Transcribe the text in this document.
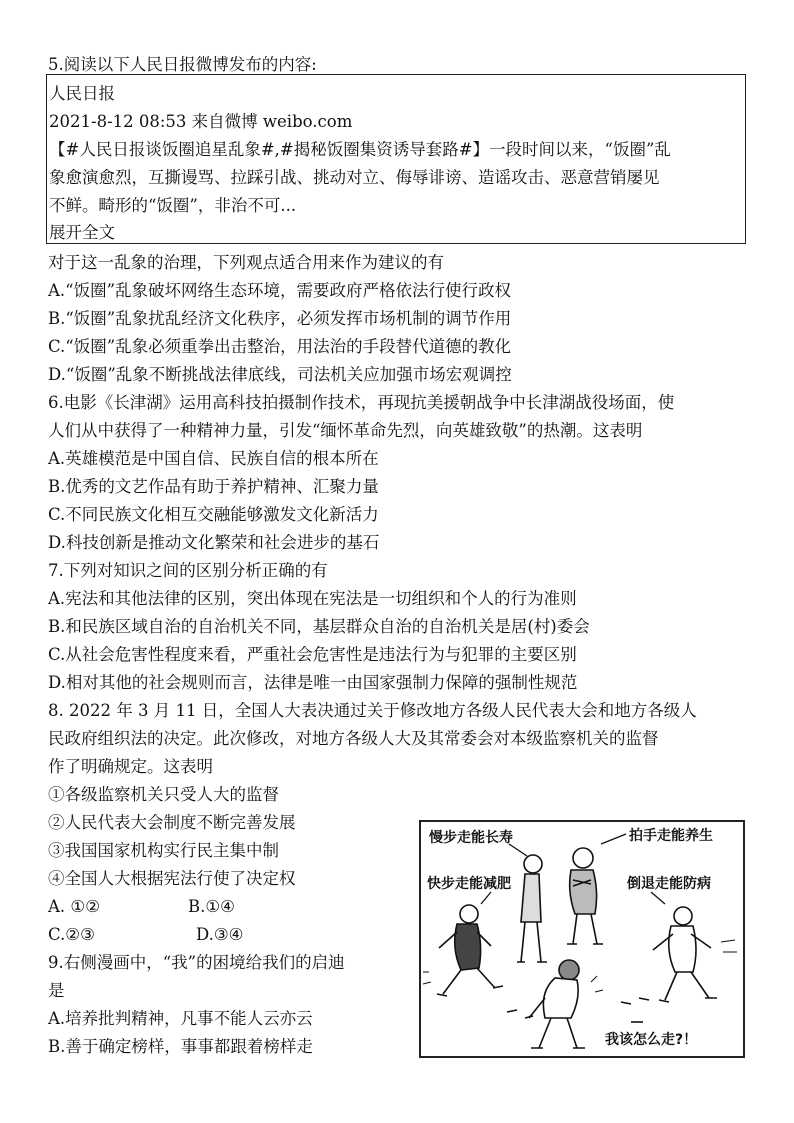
5.阅读以下人民日报微博发布的内容:
人民日报
2021-8-12 08:53 来自微博 weibo.com
【#人民日报谈饭圈追星乱象#,#揭秘饭圈集资诱导套路#】一段时间以来，“饭圈”乱
象愈演愈烈，互撕谩骂、拉踩引战、挑动对立、侮辱诽谤、造谣攻击、恶意营销屡见
不鲜。畸形的“饭圈”，非治不可...
展开全文
对于这一乱象的治理，下列观点适合用来作为建议的有
A.“饭圈”乱象破坏网络生态环境，需要政府严格依法行使行政权
B.“饭圈”乱象扰乱经济文化秩序，必须发挥市场机制的调节作用
C.“饭圈”乱象必须重拳出击整治，用法治的手段替代道德的教化
D.“饭圈”乱象不断挑战法律底线，司法机关应加强市场宏观调控
6.电影《长津湖》运用高科技拍摄制作技术，再现抗美援朝战争中长津湖战役场面，使
人们从中获得了一种精神力量，引发“缅怀革命先烈，向英雄致敬”的热潮。这表明
A.英雄模范是中国自信、民族自信的根本所在
B.优秀的文艺作品有助于养护精神、汇聚力量
C.不同民族文化相互交融能够激发文化新活力
D.科技创新是推动文化繁荣和社会进步的基石
7.下列对知识之间的区别分析正确的有
A.宪法和其他法律的区别，突出体现在宪法是一切组织和个人的行为准则
B.和民族区域自治的自治机关不同，基层群众自治的自治机关是居(村)委会
C.从社会危害性程度来看，严重社会危害性是违法行为与犯罪的主要区别
D.相对其他的社会规则而言，法律是唯一由国家强制力保障的强制性规范
8. 2022 年 3 月 11 日，全国人大表决通过关于修改地方各级人民代表大会和地方各级人
民政府组织法的决定。此次修改，对地方各级人大及其常委会对本级监察机关的监督
作了明确规定。这表明
①各级监察机关只受人大的监督
②人民代表大会制度不断完善发展
③我国国家机构实行民主集中制
④全国人大根据宪法行使了决定权
A. ①②	B.①④
C.②③	D.③④
9.右侧漫画中，“我”的困境给我们的启迪
是
A.培养批判精神，凡事不能人云亦云
B.善于确定榜样，事事都跟着榜样走
慢步走能长寿	拍手走能养生
快步走能减肥	倒退走能防病
我该怎么走?！
